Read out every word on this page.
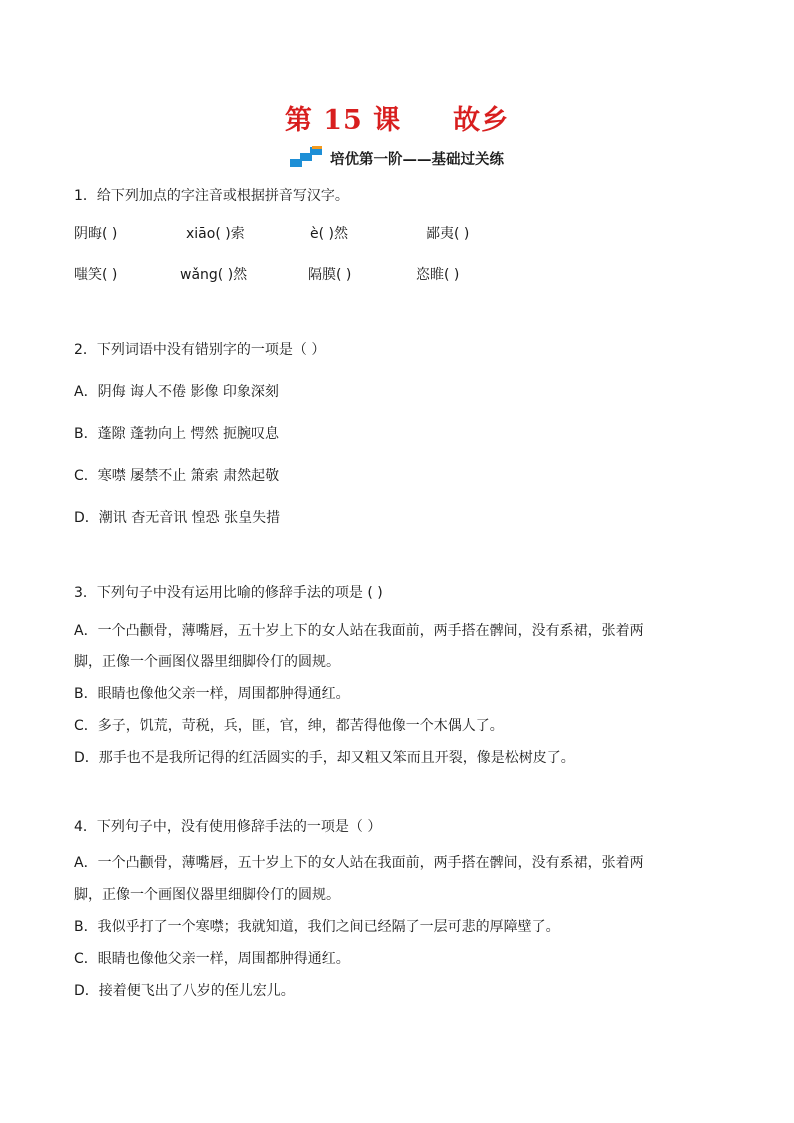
第 15 课     故乡
培优第一阶——基础过关练
1．给下列加点的字注音或根据拼音写汉字。
阴晦( )	xiāo( )索	è( )然	鄙夷( )
嗤笑( )	wǎng( )然	隔膜( )	恣睢( )
2．下列词语中没有错别字的一项是（ ）
A．阴侮 诲人不倦 影像 印象深刻
B．蓬隙 蓬勃向上 愕然 扼腕叹息
C．寒噤 屡禁不止 箫索 肃然起敬
D．潮讯 杳无音讯 惶恐 张皇失措
3．下列句子中没有运用比喻的修辞手法的项是 ( )
A．一个凸颧骨，薄嘴唇，五十岁上下的女人站在我面前，两手搭在髀间，没有系裙，张着两
脚，正像一个画图仪器里细脚伶仃的圆规。
B．眼睛也像他父亲一样，周围都肿得通红。
C．多子，饥荒，苛税，兵，匪，官，绅，都苦得他像一个木偶人了。
D．那手也不是我所记得的红活圆实的手，却又粗又笨而且开裂，像是松树皮了。
4．下列句子中，没有使用修辞手法的一项是（ ）
A．一个凸颧骨，薄嘴唇，五十岁上下的女人站在我面前，两手搭在髀间，没有系裙，张着两
脚，正像一个画图仪器里细脚伶仃的圆规。
B．我似乎打了一个寒噤；我就知道，我们之间已经隔了一层可悲的厚障壁了。
C．眼睛也像他父亲一样，周围都肿得通红。
D．接着便飞出了八岁的侄儿宏儿。
